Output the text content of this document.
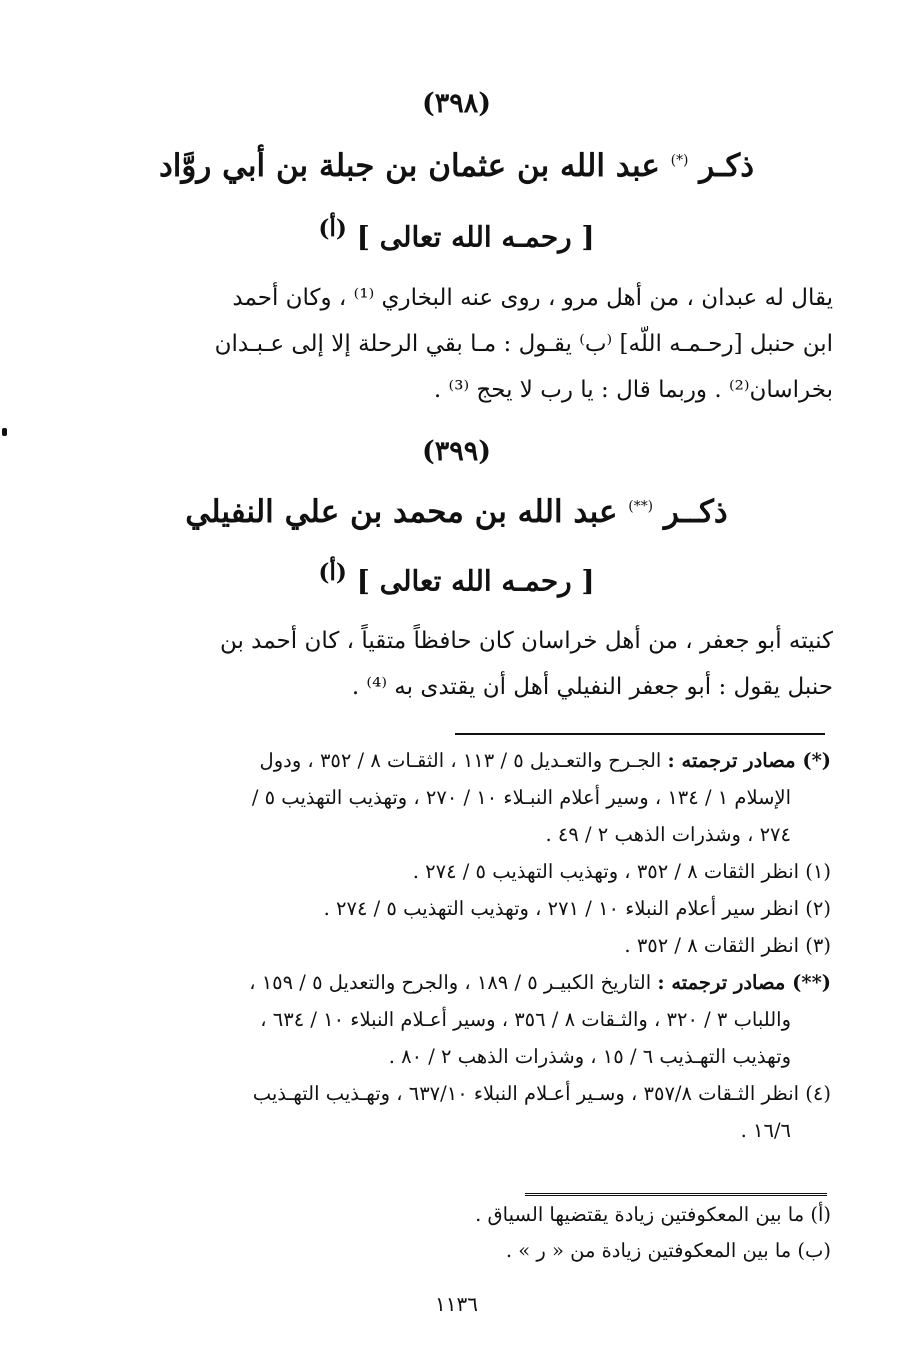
(٣٩٨)
ذكـر (*) عبد الله بن عثمان بن جبلة بن أبي روَّاد
[ رحمـه الله تعالى ] $^{(أ)}$
يقال له عبدان ، من أهل مرو ، روى عنه البخاري ⁽¹⁾ ، وكان أحمد
ابن حنبل [رحـمـه اللّه] ⁽ب⁾ يقـول : مـا بقي الرحلة إلا إلى عـبـدان
بخراسان⁽²⁾ . وربما قال : يا رب لا يحج ⁽³⁾ .
(٣٩٩)
ذكــر (**) عبد الله بن محمد بن علي النفيلي
[ رحمـه الله تعالى ] $^{(أ)}$
كنيته أبو جعفر ، من أهل خراسان كان حافظاً متقياً ، كان أحمد بن
حنبل يقول : أبو جعفر النفيلي أهل أن يقتدى به ⁽⁴⁾ .
(*) مصادر ترجمته : الجـرح والتعـديل ٥ / ١١٣ ، الثقـات ٨ / ٣٥٢ ، ودول
الإسلام ١ / ١٣٤ ، وسير أعلام النبـلاء ١٠ / ٢٧٠ ، وتهذيب التهذيب ٥ /
٢٧٤ ، وشذرات الذهب ٢ / ٤٩ .
(١) انظر الثقات ٨ / ٣٥٢ ، وتهذيب التهذيب ٥ / ٢٧٤ .
(٢) انظر سير أعلام النبلاء ١٠ / ٢٧١ ، وتهذيب التهذيب ٥ / ٢٧٤ .
(٣) انظر الثقات ٨ / ٣٥٢ .
(**) مصادر ترجمته : التاريخ الكبيـر ٥ / ١٨٩ ، والجرح والتعديل ٥ / ١٥٩ ،
واللباب ٣ / ٣٢٠ ، والثـقات ٨ / ٣٥٦ ، وسير أعـلام النبلاء ١٠ / ٦٣٤ ،
وتهذيب التهـذيب ٦ / ١٥ ، وشذرات الذهب ٢ / ٨٠ .
(٤) انظر الثـقات ٣٥٧/٨ ، وسـير أعـلام النبلاء ٦٣٧/١٠ ، وتهـذيب التهـذيب
١٦/٦ .
(أ) ما بين المعكوفتين زيادة يقتضيها السياق .
(ب) ما بين المعكوفتين زيادة من « ر » .
١١٣٦
